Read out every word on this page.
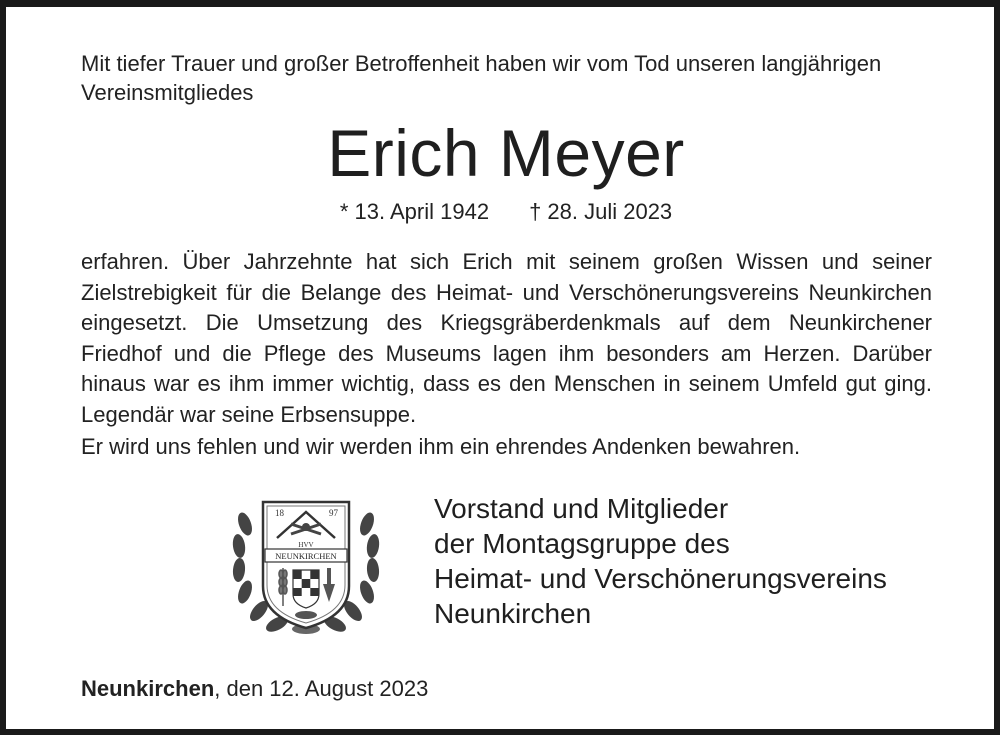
Mit tiefer Trauer und großer Betroffenheit haben wir vom Tod unseren langjährigen Vereinsmitgliedes
Erich Meyer
* 13. April 1942 † 28. Juli 2023
erfahren. Über Jahrzehnte hat sich Erich mit seinem großen Wissen und seiner Zielstrebigkeit für die Belange des Heimat- und Verschönerungsvereins Neunkirchen eingesetzt. Die Umsetzung des Kriegsgräberdenkmals auf dem Neunkirchener Friedhof und die Pflege des Museums lagen ihm besonders am Herzen. Darüber hinaus war es ihm immer wichtig, dass es den Menschen in seinem Umfeld gut ging. Legendär war seine Erbsensuppe.
Er wird uns fehlen und wir werden ihm ein ehrendes Andenken bewahren.
18	97
HVV
NEUNKIRCHEN
Vorstand und Mitglieder
der Montagsgruppe des
Heimat- und Verschönerungsvereins
Neunkirchen
Neunkirchen, den 12. August 2023
